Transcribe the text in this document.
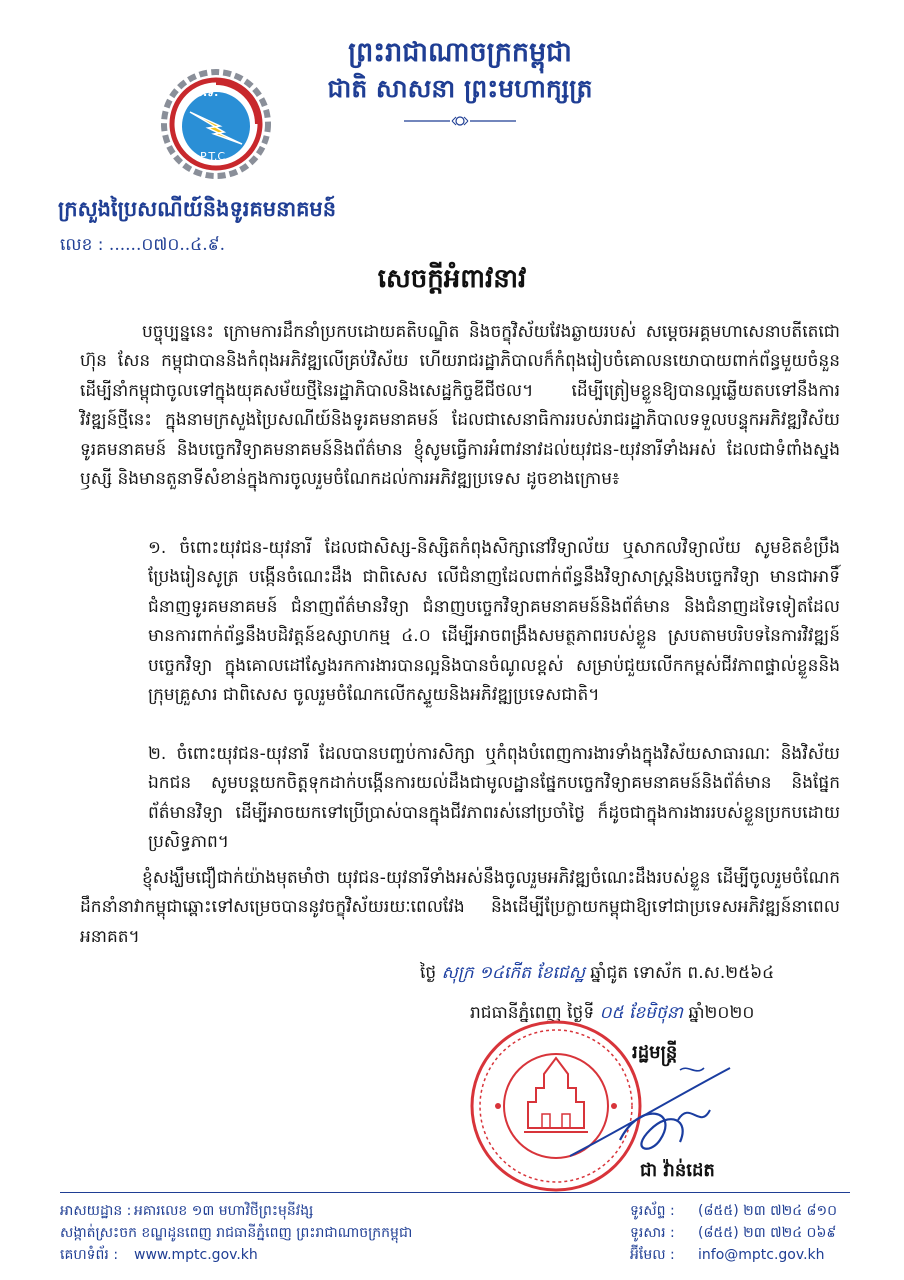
ព្រះរាជាណាចក្រកម្ពុជា
ជាតិ សាសនា ព្រះមហាក្សត្រ
ប.ទ.
P.T.C
ក្រសួងប្រៃសណីយ៍និងទូរគមនាគមន៍
លេខ : ......០៧០..៤.៩.
សេចក្តីអំពាវនាវ
បច្ចុប្បន្ននេះ ក្រោមការដឹកនាំប្រកបដោយគតិបណ្ឌិត និងចក្ខុវិស័យវែងឆ្ងាយរបស់ សម្តេចអគ្គមហាសេនាបតីតេជោ ហ៊ុន សែន កម្ពុជាបាននិងកំពុងអភិវឌ្ឍលើគ្រប់វិស័យ ហើយរាជរដ្ឋាភិបាលក៏កំពុងរៀបចំគោលនយោបាយពាក់ព័ន្ធមួយចំនួន ដើម្បីនាំកម្ពុជាចូលទៅក្នុងយុគសម័យថ្មីនៃរដ្ឋាភិបាលនិងសេដ្ឋកិច្ចឌីជីថល។ ដើម្បីត្រៀមខ្លួនឱ្យបានល្អឆ្លើយតបទៅនឹងការវិវឌ្ឍន៍ថ្មីនេះ ក្នុងនាមក្រសួងប្រៃសណីយ៍និងទូរគមនាគមន៍ ដែលជាសេនាធិការរបស់រាជរដ្ឋាភិបាលទទួលបន្ទុកអភិវឌ្ឍវិស័យទូរគមនាគមន៍ និងបច្ចេកវិទ្យាគមនាគមន៍និងព័ត៌មាន ខ្ញុំសូមធ្វើការអំពាវនាវដល់យុវជន-យុវនារីទាំងអស់ ដែលជាទំពាំងស្នងឫស្សី និងមានតួនាទីសំខាន់ក្នុងការចូលរួមចំណែកដល់ការអភិវឌ្ឍប្រទេស ដូចខាងក្រោម៖
១. ចំពោះយុវជន-យុវនារី ដែលជាសិស្ស-និស្សិតកំពុងសិក្សានៅវិទ្យាល័យ ឬសាកលវិទ្យាល័យ សូមខិតខំប្រឹងប្រែងរៀនសូត្រ បង្កើនចំណេះដឹង ជាពិសេស លើជំនាញដែលពាក់ព័ន្ធនឹងវិទ្យាសាស្ត្រនិងបច្ចេកវិទ្យា មានជាអាទិ៍ ជំនាញទូរគមនាគមន៍ ជំនាញព័ត៌មានវិទ្យា ជំនាញបច្ចេកវិទ្យាគមនាគមន៍និងព័ត៌មាន និងជំនាញដទៃទៀតដែលមានការពាក់ព័ន្ធនឹងបដិវត្តន៍ឧស្សាហកម្ម ៤.០ ដើម្បីអាចពង្រឹងសមត្ថភាពរបស់ខ្លួន ស្របតាមបរិបទនៃការវិវឌ្ឍន៍បច្ចេកវិទ្យា ក្នុងគោលដៅស្វែងរកការងារបានល្អនិងបានចំណូលខ្ពស់ សម្រាប់ជួយលើកកម្ពស់ជីវភាពផ្ទាល់ខ្លួននិងក្រុមគ្រួសារ ជាពិសេស ចូលរួមចំណែកលើកស្ទួយនិងអភិវឌ្ឍប្រទេសជាតិ។
២. ចំពោះយុវជន-យុវនារី ដែលបានបញ្ចប់ការសិក្សា ឬកំពុងបំពេញការងារទាំងក្នុងវិស័យសាធារណៈ និងវិស័យឯកជន សូមបន្តយកចិត្តទុកដាក់បង្កើនការយល់ដឹងជាមូលដ្ឋានផ្នែកបច្ចេកវិទ្យាគមនាគមន៍និងព័ត៌មាន និងផ្នែកព័ត៌មានវិទ្យា ដើម្បីអាចយកទៅប្រើប្រាស់បានក្នុងជីវភាពរស់នៅប្រចាំថ្ងៃ ក៏ដូចជាក្នុងការងាររបស់ខ្លួនប្រកបដោយប្រសិទ្ធភាព។
ខ្ញុំសង្ឃឹមជឿជាក់យ៉ាងមុតមាំថា យុវជន-យុវនារីទាំងអស់នឹងចូលរួមអភិវឌ្ឍចំណេះដឹងរបស់ខ្លួន ដើម្បីចូលរួមចំណែកដឹកនាំនាវាកម្ពុជាឆ្ពោះទៅសម្រេចបាននូវចក្ខុវិស័យរយៈពេលវែង និងដើម្បីប្រែក្លាយកម្ពុជាឱ្យទៅជាប្រទេសអភិវឌ្ឍន៍នាពេលអនាគត។
ថ្ងៃ សុក្រ ១៤កើត ខែជេស្ឋ ឆ្នាំជូត ទោស័ក ព.ស.២៥៦៤
រាជធានីភ្នំពេញ ថ្ងៃទី ០៥ ខែមិថុនា ឆ្នាំ២០២០
រដ្ឋមន្ត្រី
ជា វ៉ាន់ដេត
អាសយដ្ឋាន : អគារលេខ ១៣ មហាវិថីព្រះមុនីវង្ស
សង្កាត់ស្រះចក ខណ្ឌដូនពេញ រាជធានីភ្នំពេញ ព្រះរាជាណាចក្រកម្ពុជា
គេហទំព័រ :	www.mptc.gov.kh
ទូរស័ព្ទ :	(៨៥៥) ២៣ ៧២៤ ៨១០
ទូរសារ :	(៨៥៥) ២៣ ៧២៤ ០៦៩
អ៊ីមែល :	info@mptc.gov.kh
